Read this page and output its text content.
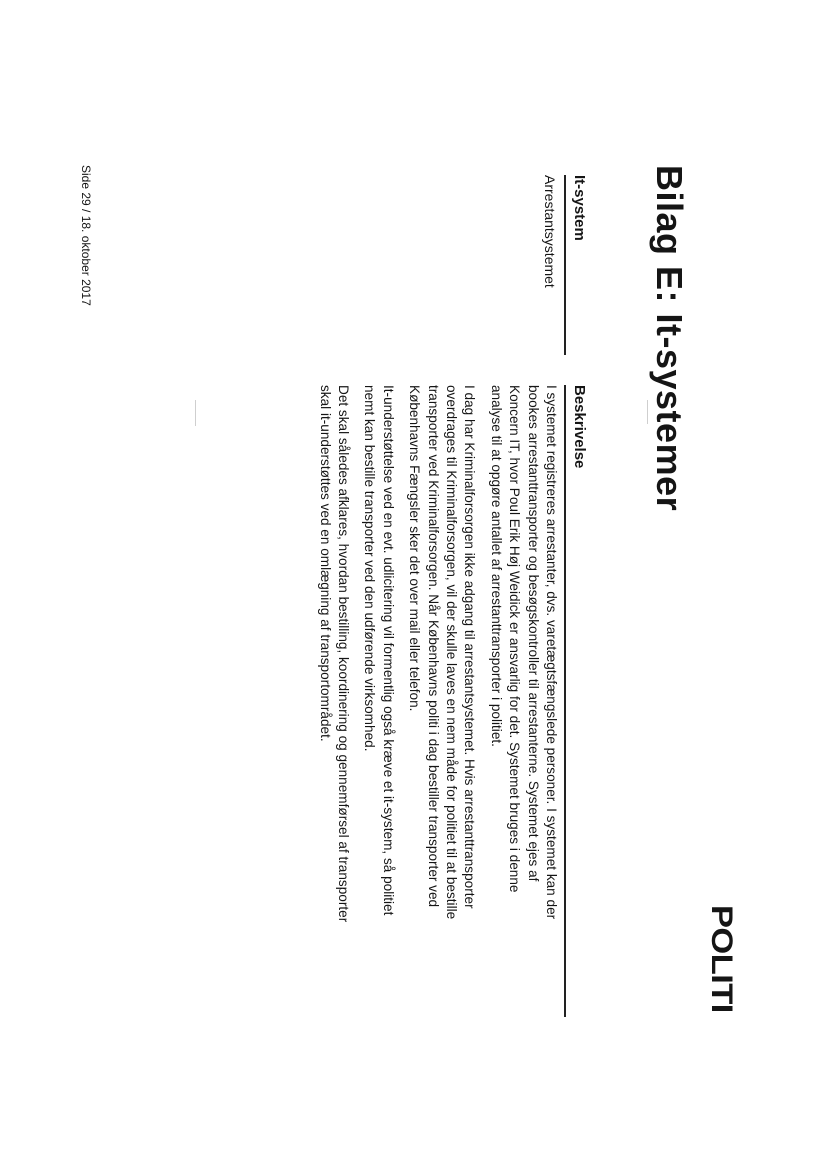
Bilag E: It-systemer
It-system
Beskrivelse
Arrestantsystemet

I systemet registreres arrestanter, dvs. varetægtsfængslede personer. I systemet kan der
bookes arrestanttransporter og besøgskontroller til arrestanterne. Systemet ejes af
Koncern IT, hvor Poul Erik Høj Weidick er ansvarlig for det. Systemet bruges i denne
analyse til at opgøre antallet af arrestanttransporter i politiet.

I dag har Kriminalforsorgen ikke adgang til arrestantsystemet. Hvis arrestanttransporter
overdrages til Kriminalforsorgen, vil der skulle laves en nem måde for politiet til at bestille
transporter ved Kriminalforsorgen. Når Københavns politi i dag bestiller transporter ved
Københavns Fængsler sker det over mail eller telefon.

It-understøttelse ved en evt. udlicitering vil formentlig også kræve et it-system, så politiet
nemt kan bestille transporter ved den udførende virksomhed.

Det skal således afklares, hvordan bestilling, koordinering og gennemførsel af transporter
skal it-understøttes ved en omlægning af transportområdet.

Side 29 / 18. oktober 2017
POLITI
